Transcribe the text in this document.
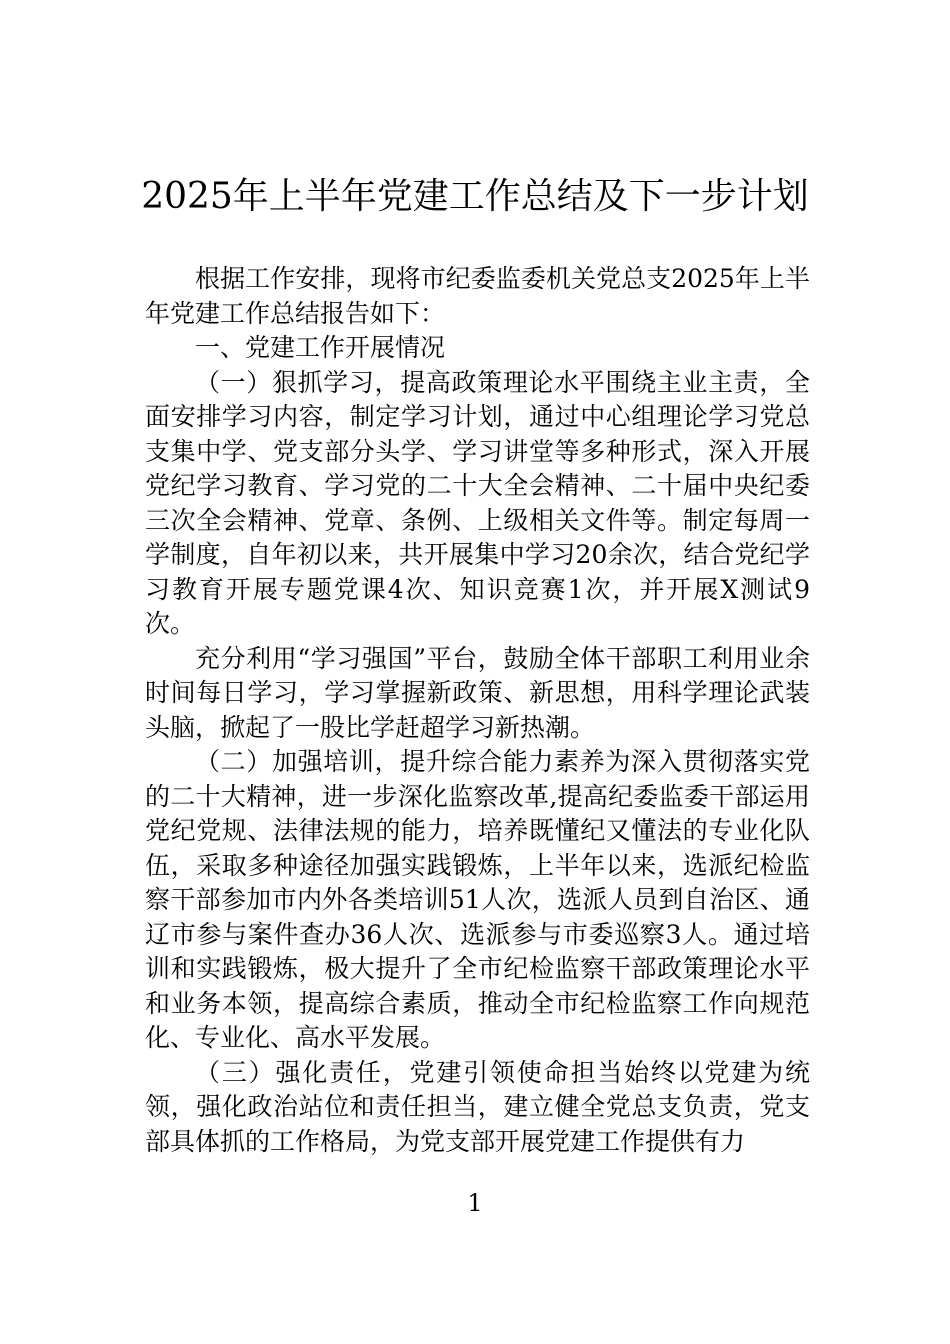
2025年上半年党建工作总结及下一步计划

根据工作安排，现将市纪委监委机关党总支2025年上半年党建工作总结报告如下：

一、党建工作开展情况

（一）狠抓学习，提高政策理论水平围绕主业主责，全面安排学习内容，制定学习计划，通过中心组理论学习党总支集中学、党支部分头学、学习讲堂等多种形式，深入开展党纪学习教育、学习党的二十大全会精神、二十届中央纪委三次全会精神、党章、条例、上级相关文件等。制定每周一学制度，自年初以来，共开展集中学习20余次，结合党纪学习教育开展专题党课4次、知识竞赛1次，并开展X测试9次。

充分利用“学习强国”平台，鼓励全体干部职工利用业余时间每日学习，学习掌握新政策、新思想，用科学理论武装头脑，掀起了一股比学赶超学习新热潮。

（二）加强培训，提升综合能力素养为深入贯彻落实党的二十大精神，进一步深化监察改革,提高纪委监委干部运用党纪党规、法律法规的能力，培养既懂纪又懂法的专业化队伍，采取多种途径加强实践锻炼，上半年以来，选派纪检监察干部参加市内外各类培训51人次，选派人员到自治区、通辽市参与案件查办36人次、选派参与市委巡察3人。通过培训和实践锻炼，极大提升了全市纪检监察干部政策理论水平和业务本领，提高综合素质，推动全市纪检监察工作向规范化、专业化、高水平发展。

（三）强化责任，党建引领使命担当始终以党建为统领，强化政治站位和责任担当，建立健全党总支负责，党支部具体抓的工作格局，为党支部开展党建工作提供有力

1
